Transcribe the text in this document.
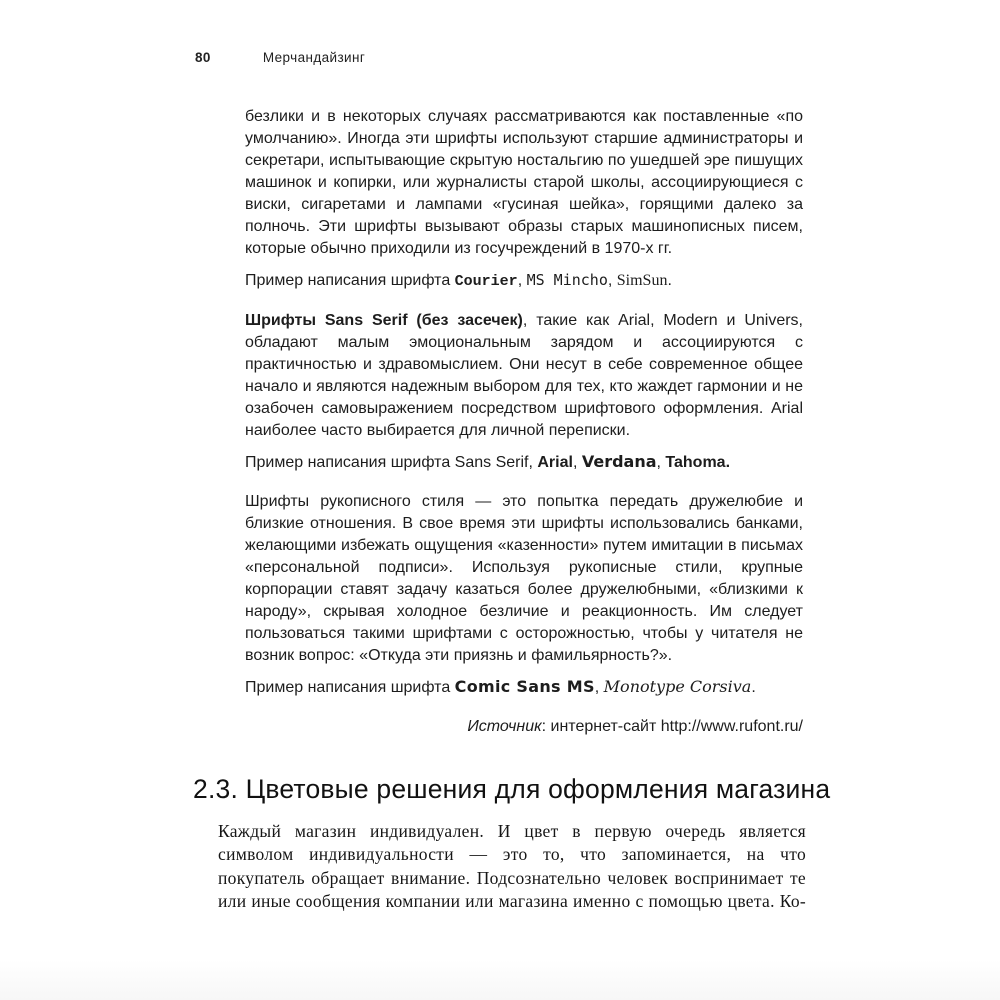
80	Мерчандайзинг

безлики и в некоторых случаях рассматриваются как поставленные «по умолчанию». Иногда эти шрифты используют старшие администраторы и секретари, испытывающие скрытую ностальгию по ушедшей эре пишущих машинок и копирки, или журналисты старой школы, ассоциирующиеся с виски, сигаретами и лампами «гусиная шейка», горящими далеко за полночь. Эти шрифты вызывают образы старых машинописных писем, которые обычно приходили из госучреждений в 1970-х гг.

Пример написания шрифта Courier, MS Mincho, SimSun.

Шрифты Sans Serif (без засечек), такие как Arial, Modern и Univers, обладают малым эмоциональным зарядом и ассоциируются с практичностью и здравомыслием. Они несут в себе современное общее начало и являются надежным выбором для тех, кто жаждет гармонии и не озабочен самовыражением посредством шрифтового оформления. Arial наиболее часто выбирается для личной переписки.

Пример написания шрифта Sans Serif, Arial, Verdana, Tahoma.

Шрифты рукописного стиля — это попытка передать дружелюбие и близкие отношения. В свое время эти шрифты использовались банками, желающими избежать ощущения «казенности» путем имитации в письмах «персональной подписи». Используя рукописные стили, крупные корпорации ставят задачу казаться более дружелюбными, «близкими к народу», скрывая холодное безличие и реакционность. Им следует пользоваться такими шрифтами с осторожностью, чтобы у читателя не возник вопрос: «Откуда эти приязнь и фамильярность?».

Пример написания шрифта Comic Sans MS, Monotype Corsiva.

Источник: интернет-сайт http://www.rufont.ru/

2.3. Цветовые решения для оформления магазина

Каждый магазин индивидуален. И цвет в первую очередь является символом индивидуальности — это то, что запоминается, на что покупатель обращает внимание. Подсознательно человек воспринимает те или иные сообщения компании или магазина именно с помощью цвета. Ко-
